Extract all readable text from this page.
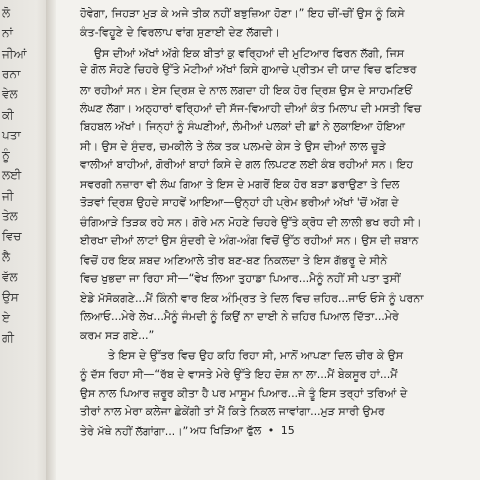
ਲੋ
ਨਾਂ
ਜੀਆਂ
ਰਨਾ
ਵੇਲ
ਕੀ
ਪਤਾ
ਨੂੰ
ਲਈ
ਜੀ
ਤੇਲ
ਵਿਚ
ਲੈ
ਵੱਲ
ਉਸ
ਏ
ਗੀ
ਹੋਵੇਗਾ, ਜਿਹੜਾ ਮੁੜ ਕੇ ਅਜੇ ਤੀਕ ਨਹੀਂ ਬਝੁਜ਼ਿਆ ਹੋਣਾ।” ਇਹ ਚੀਂ-ਚੀਂ ਉਸ ਨੂੰ ਕਿਸੇ
ਕੰਤ-ਵਿਹੂਣੇ ਦੇ ਵਿਰਲਾਪ ਵਾਂਗ ਸੁਣਾਈ ਦੇਣ ਲੱਗਦੀ।
ਉਸ ਦੀਆਂ ਅੱਖਾਂ ਅੱਗੇ ਇਕ ਬੀਤਾਂ ਕੁ ਵਰ੍ਹਿਆਂ ਦੀ ਮੁਟਿਆਰ ਫਿਰਨ ਲੱਗੀ, ਜਿਸ
ਦੇ ਗੋਲ ਸੋਹਣੇ ਚਿਹਰੇ ਉੱਤੇ ਮੋਟੀਆਂ ਅੱਖਾਂ ਕਿਸੇ ਗੁਆਚੇ ਪ੍ਰੀਤਮ ਦੀ ਯਾਦ ਵਿਚ ਫਟਿਝਰ
ਲਾ ਰਹੀਆਂ ਸਨ। ਏਸ ਦ੍ਰਿਸ਼ ਦੇ ਨਾਲ ਲਗਦਾ ਹੀ ਇਕ ਹੋਰ ਦ੍ਰਿਸ਼ ਉਸ ਦੇ ਸਾਹਮਣਿਓਂ
ਲੰਘਣ ਲੱਗਾ। ਅਠ੍ਹਾਰਾਂ ਵਰ੍ਹਿਆਂ ਦੀ ਸੱਜ-ਵਿਆਹੀ ਦੀਆਂ ਕੰਤ ਮਿਲਾਪ ਦੀ ਮਸਤੀ ਵਿਚ
ਬਿਹਬਲ ਅੱਖਾਂ। ਜਿਨ੍ਹਾਂ ਨੂੰ ਸੰਘਣੀਆਂ, ਲੰਮੀਆਂ ਪਲਕਾਂ ਦੀ ਛਾਂ ਨੇ ਲੁਕਾਇਆ ਹੋਇਆ
ਸੀ। ਉਸ ਦੇ ਸੁੰਦਰ, ਚਮਕੀਲੇ ਤੇ ਲੰਕ ਤਕ ਪਲਮਦੇ ਕੇਸ ਤੇ ਉਸ ਦੀਆਂ ਲਾਲ ਚੂੜੇ
ਵਾਲੀਆਂ ਬਾਹੀਆਂ, ਗੋਰੀਆਂ ਬਾਹਾਂ ਕਿਸੇ ਦੇ ਗਲ ਲਿਪਟਣ ਲਈ ਕੰਬ ਰਹੀਆਂ ਸਨ। ਇਹ
ਸਵਰਗੀ ਨਜ਼ਾਰਾ ਵੀ ਲੰਘ ਗਿਆ ਤੇ ਇਸ ਦੇ ਮਗਰੋਂ ਇਕ ਹੋਰ ਬੜਾ ਡਰਾਉਣਾ ਤੇ ਦਿਲ
ਤੋੜਵਾਂ ਦ੍ਰਿਸ਼ ਉਹਦੇ ਸਾਹਵੇਂ ਆਇਆ—ਉਨ੍ਹਾਂ ਹੀ ਪ੍ਰੇਮ ਭਰੀਆਂ ਅੱਖਾਂ 'ਚੋਂ ਅੱਗ ਦੇ
ਚੰਗਿਆੜੇ ਤਿੜਕ ਰਹੇ ਸਨ। ਗੋਰੇ ਮਨ ਮੋਹਣੇ ਚਿਹਰੇ ਉੱਤੇ ਕ੍ਰੋਧ ਦੀ ਲਾਲੀ ਭਖ ਰਹੀ ਸੀ।
ਈਰਖਾ ਦੀਆਂ ਲਾਟਾਂ ਉਸ ਸੁੰਦਰੀ ਦੇ ਅੰਗ-ਅੰਗ ਵਿਚੋਂ ਉੱਠ ਰਹੀਆਂ ਸਨ। ਉਸ ਦੀ ਜ਼ਬਾਨ
ਵਿਚੋਂ ਹਰ ਇਕ ਸ਼ਬਦ ਅਣਿਆਲੇ ਤੀਰ ਬਣ-ਬਣ ਨਿਕਲਦਾ ਤੇ ਇਸ ਗੱਭਰੂ ਦੇ ਸੀਨੇ
ਵਿਚ ਖੁਭਦਾ ਜਾ ਰਿਹਾ ਸੀ—“ਵੇਖ ਲਿਆ ਤੁਹਾਡਾ ਪਿਆਰ...ਮੈਨੂੰ ਨਹੀਂ ਸੀ ਪਤਾ ਤੁਸੀਂ
ਏਡੇ ਮੱਸੋਕਗਣੇ...ਮੈਂ ਕਿੰਨੀ ਵਾਰ ਇਕ ਅੰਮ੍ਰਿਤ ਤੇ ਦਿਲ ਵਿਚ ਜ਼ਹਿਰ...ਜਾਓ ਓਸੇ ਨੂੰ ਪਰਨਾ
ਲਿਆਓ...ਮੇਰੇ ਲੇਖ...ਮੈਨੂੰ ਜੰਮਦੀ ਨੂੰ ਕਿਉਂ ਨਾ ਦਾਈ ਨੇ ਜ਼ਹਿਰ ਪਿਆਲ ਦਿੱਤਾ...ਮੇਰੇ
ਕਰਮ ਸੜ ਗਏ...”
ਤੇ ਇਸ ਦੇ ਉੱਤਰ ਵਿਚ ਉਹ ਕਹਿ ਰਿਹਾ ਸੀ, ਮਾਨੋਂ ਆਪਣਾ ਦਿਲ ਚੀਰ ਕੇ ਉਸ
ਨੂੰ ਦੱਸ ਰਿਹਾ ਸੀ—“ਰੱਬ ਦੇ ਵਾਸਤੇ ਮੇਰੇ ਉੱਤੇ ਇਹ ਦੋਸ਼ ਨਾ ਲਾ...ਮੈਂ ਬੇਕਸੂਰ ਹਾਂ...ਮੈਂ
ਉਸ ਨਾਲ ਪਿਆਰ ਜ਼ਰੂਰ ਕੀਤਾ ਹੈ ਪਰ ਮਾਸੂਮ ਪਿਆਰ...ਜੇ ਤੂੰ ਇਸ ਤਰ੍ਹਾਂ ਤਰਿਆਂ ਦੇ
ਤੀਰਾਂ ਨਾਲ ਮੇਰਾ ਕਲੇਜਾ ਛੇਕੇਂਗੀ ਤਾਂ ਮੈਂ ਕਿਤੇ ਨਿਕਲ ਜਾਵਾਂਗਾ...ਮੁੜ ਸਾਰੀ ਉਮਰ
ਤੇਰੇ ਮੱਥੇ ਨਹੀਂ ਲੱਗਾਂਗਾ...।” ਅਧ ਖਿੜਿਆ ਫੁੱਲ • 15
